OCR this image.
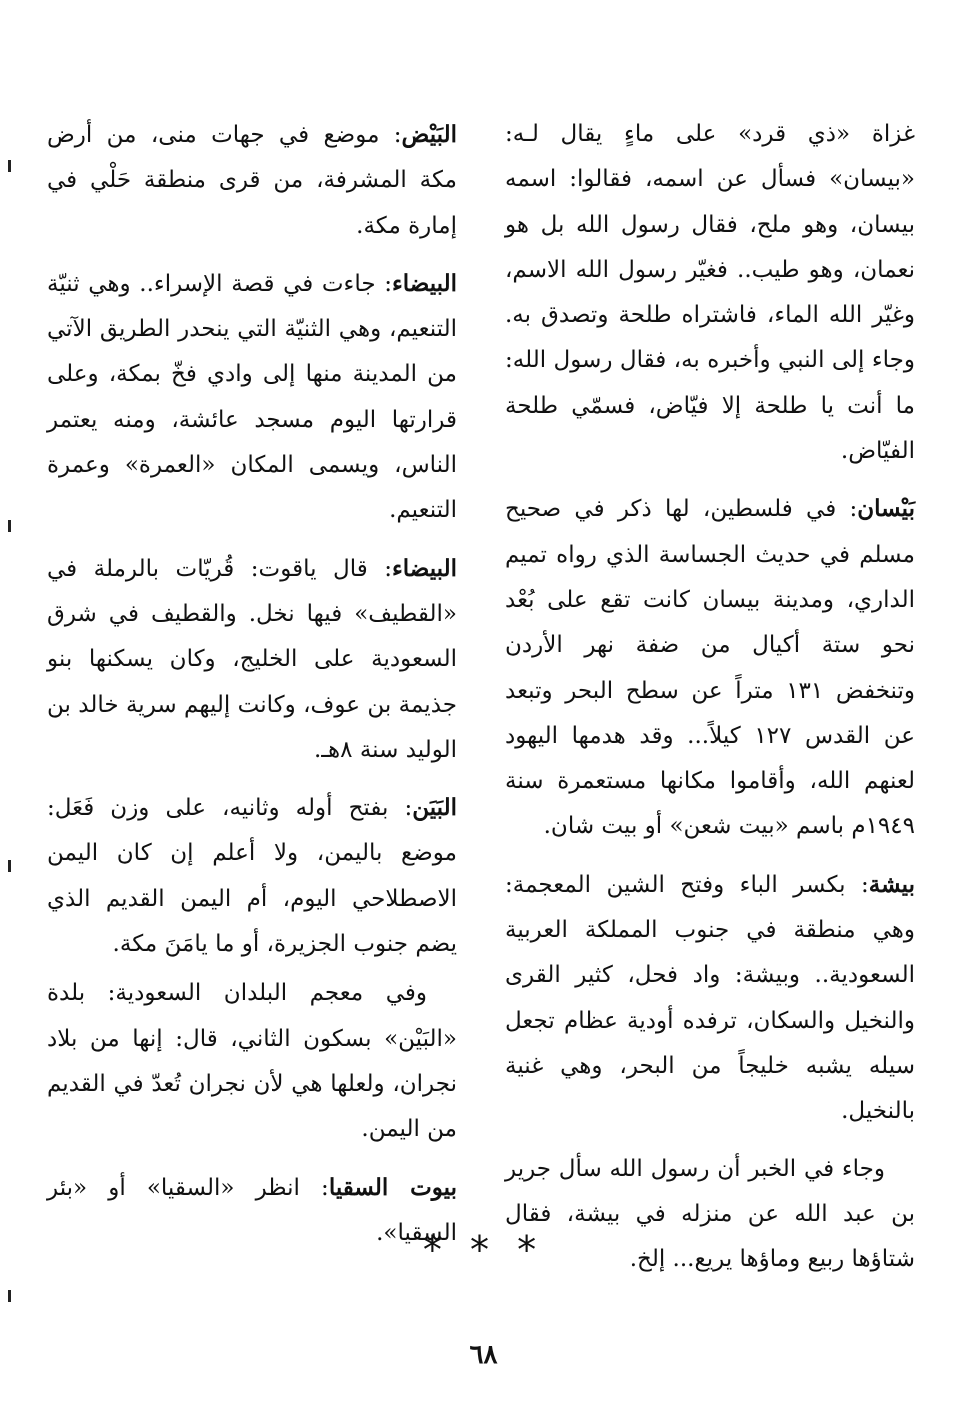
غزاة «ذي قرد» على ماءٍ يقال لـه: «بيسان» فسأل عن اسمه، فقالوا: اسمه بيسان، وهو ملح، فقال رسول الله بل هو نعمان، وهو طيب.. فغيّر رسول الله الاسم، وغيّر الله الماء، فاشتراه طلحة وتصدق به. وجاء إلى النبي وأخبره به، فقال رسول الله: ما أنت يا طلحة إلا فيّاض، فسمّي طلحة الفيّاض.

بَيْسان: في فلسطين، لها ذكر في صحيح مسلم في حديث الجساسة الذي رواه تميم الداري، ومدينة بيسان كانت تقع على بُعْد نحو ستة أكيال من ضفة نهر الأردن وتنخفض ١٣١ متراً عن سطح البحر وتبعد عن القدس ١٢٧ كيلاً... وقد هدمها اليهود لعنهم الله، وأقاموا مكانها مستعمرة سنة ١٩٤٩م باسم «بيت شعن» أو بيت شان.

بيشة: بكسر الباء وفتح الشين المعجمة: وهي منطقة في جنوب المملكة العربية السعودية.. وبيشة: واد فحل، كثير القرى والنخيل والسكان، ترفده أودية عظام تجعل سيله يشبه خليجاً من البحر، وهي غنية بالنخيل.

وجاء في الخبر أن رسول الله سأل جرير بن عبد الله عن منزله في بيشة، فقال شتاؤها ربيع وماؤها يريع... إلخ.

البَيْض: موضع في جهات منى، من أرض مكة المشرفة، من قرى منطقة حَلْي في إمارة مكة.

البيضاء: جاءت في قصة الإسراء.. وهي ثنيّة التنعيم، وهي الثنيّة التي ينحدر الطريق الآتي من المدينة منها إلى وادي فخّ بمكة، وعلى قرارتها اليوم مسجد عائشة، ومنه يعتمر الناس، ويسمى المكان «العمرة» وعمرة التنعيم.

البيضاء: قال ياقوت: قُريّات بالرملة في «القطيف» فيها نخل. والقطيف في شرق السعودية على الخليج، وكان يسكنها بنو جذيمة بن عوف، وكانت إليهم سرية خالد بن الوليد سنة ٨هـ.

البَيَن: بفتح أوله وثانيه، على وزن فَعَل: موضع باليمن، ولا أعلم إن كان اليمن الاصطلاحي اليوم، أم اليمن القديم الذي يضم جنوب الجزيرة، أو ما يامَنَ مكة.

وفي معجم البلدان السعودية: بلدة «البَيْن» بسكون الثاني، قال: إنها من بلاد نجران، ولعلها هي لأن نجران تُعدّ في القديم من اليمن.

بيوت السقيا: انظر «السقيا» أو «بئر السقيا».

* * *
٦٨
